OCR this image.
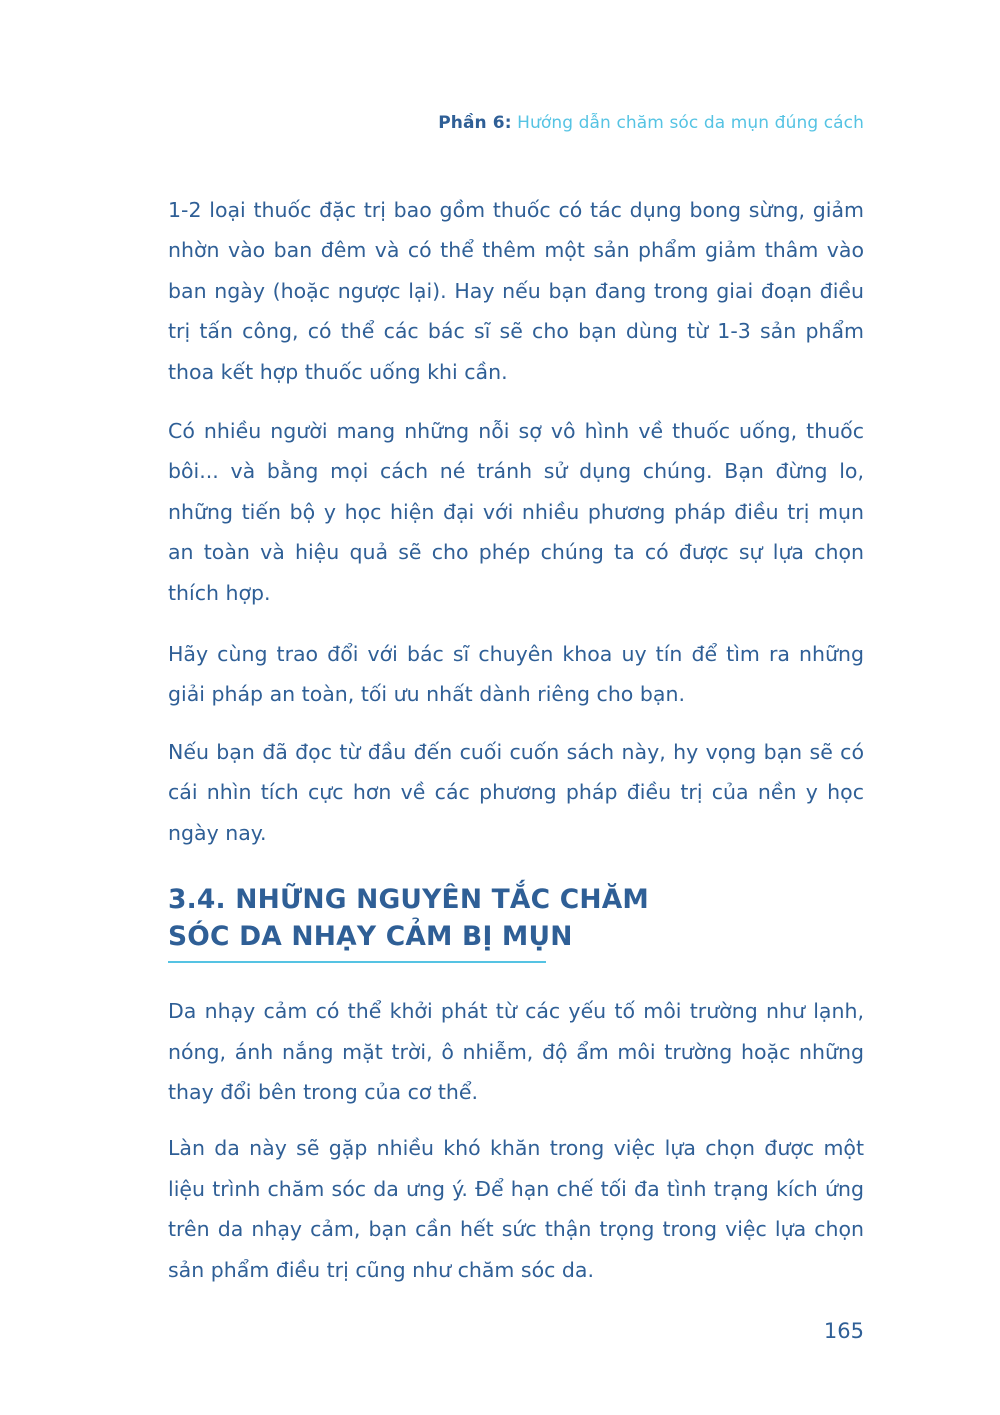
Phần 6: Hướng dẫn chăm sóc da mụn đúng cách

1-2 loại thuốc đặc trị bao gồm thuốc có tác dụng bong sừng, giảm nhờn vào ban đêm và có thể thêm một sản phẩm giảm thâm vào ban ngày (hoặc ngược lại). Hay nếu bạn đang trong giai đoạn điều trị tấn công, có thể các bác sĩ sẽ cho bạn dùng từ 1-3 sản phẩm thoa kết hợp thuốc uống khi cần.

Có nhiều người mang những nỗi sợ vô hình về thuốc uống, thuốc bôi... và bằng mọi cách né tránh sử dụng chúng. Bạn đừng lo, những tiến bộ y học hiện đại với nhiều phương pháp điều trị mụn an toàn và hiệu quả sẽ cho phép chúng ta có được sự lựa chọn thích hợp.

Hãy cùng trao đổi với bác sĩ chuyên khoa uy tín để tìm ra những giải pháp an toàn, tối ưu nhất dành riêng cho bạn.

Nếu bạn đã đọc từ đầu đến cuối cuốn sách này, hy vọng bạn sẽ có cái nhìn tích cực hơn về các phương pháp điều trị của nền y học ngày nay.

3.4. NHỮNG NGUYÊN TẮC CHĂM
SÓC DA NHẠY CẢM BỊ MỤN

Da nhạy cảm có thể khởi phát từ các yếu tố môi trường như lạnh, nóng, ánh nắng mặt trời, ô nhiễm, độ ẩm môi trường hoặc những thay đổi bên trong của cơ thể.

Làn da này sẽ gặp nhiều khó khăn trong việc lựa chọn được một liệu trình chăm sóc da ưng ý. Để hạn chế tối đa tình trạng kích ứng trên da nhạy cảm, bạn cần hết sức thận trọng trong việc lựa chọn sản phẩm điều trị cũng như chăm sóc da.

165
